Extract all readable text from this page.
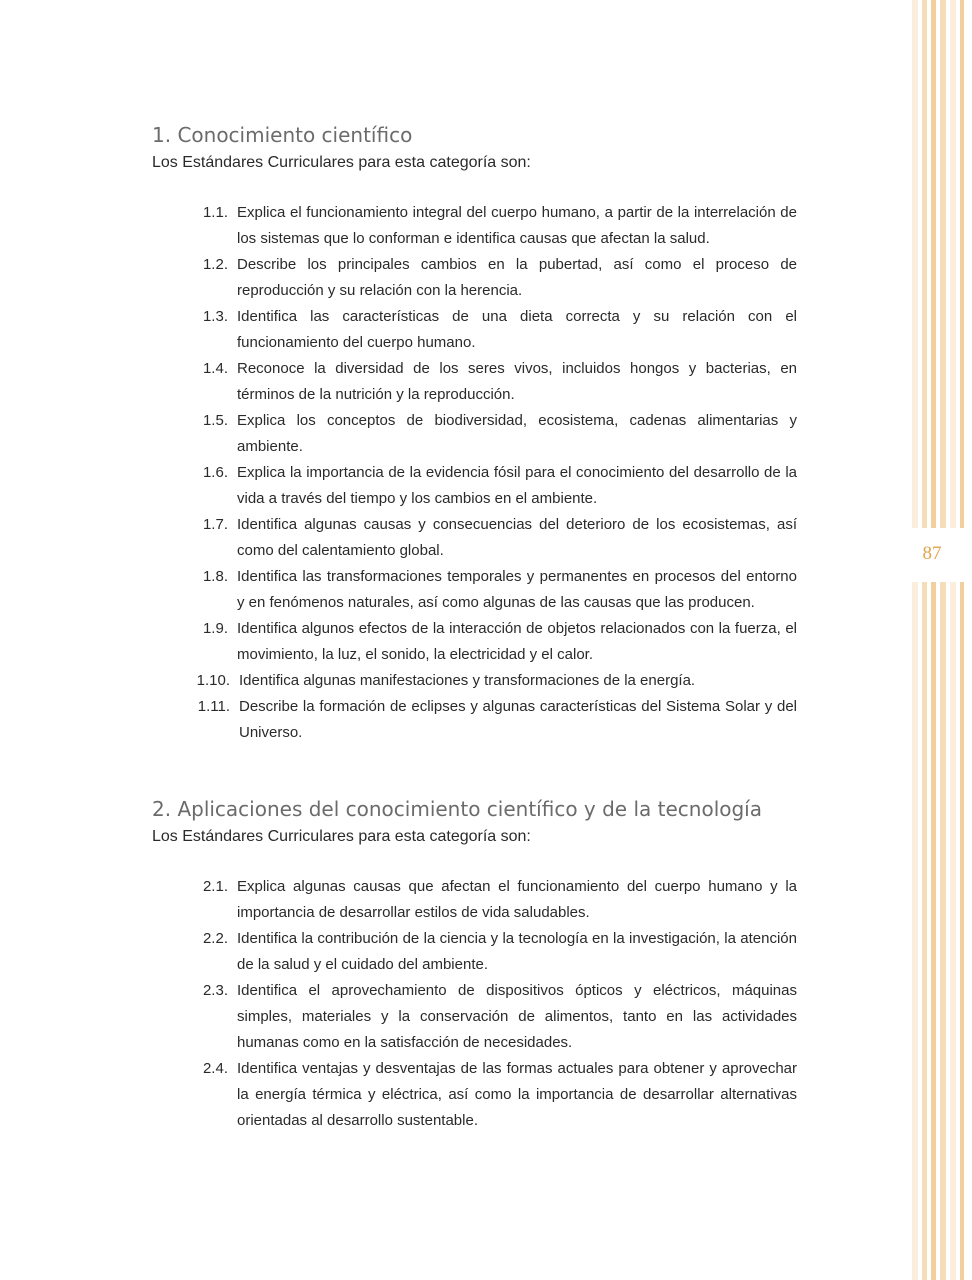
87
1. Conocimiento científico

Los Estándares Curriculares para esta categoría son:

1.1. Explica el funcionamiento integral del cuerpo humano, a partir de la interrelación de los sistemas que lo conforman e identifica causas que afectan la salud.
1.2. Describe los principales cambios en la pubertad, así como el proceso de reproducción y su relación con la herencia.
1.3. Identifica las características de una dieta correcta y su relación con el funcionamiento del cuerpo humano.
1.4. Reconoce la diversidad de los seres vivos, incluidos hongos y bacterias, en términos de la nutrición y la reproducción.
1.5. Explica los conceptos de biodiversidad, ecosistema, cadenas alimentarias y ambiente.
1.6. Explica la importancia de la evidencia fósil para el conocimiento del desarrollo de la vida a través del tiempo y los cambios en el ambiente.
1.7. Identifica algunas causas y consecuencias del deterioro de los ecosistemas, así como del calentamiento global.
1.8. Identifica las transformaciones temporales y permanentes en procesos del entorno y en fenómenos naturales, así como algunas de las causas que las producen.
1.9. Identifica algunos efectos de la interacción de objetos relacionados con la fuerza, el movimiento, la luz, el sonido, la electricidad y el calor.
1.10. Identifica algunas manifestaciones y transformaciones de la energía.
1.11. Describe la formación de eclipses y algunas características del Sistema Solar y del Universo.
2. Aplicaciones del conocimiento científico y de la tecnología

Los Estándares Curriculares para esta categoría son:

2.1. Explica algunas causas que afectan el funcionamiento del cuerpo humano y la importancia de desarrollar estilos de vida saludables.
2.2. Identifica la contribución de la ciencia y la tecnología en la investigación, la atención de la salud y el cuidado del ambiente.
2.3. Identifica el aprovechamiento de dispositivos ópticos y eléctricos, máquinas simples, materiales y la conservación de alimentos, tanto en las actividades humanas como en la satisfacción de necesidades.
2.4. Identifica ventajas y desventajas de las formas actuales para obtener y aprovechar la energía térmica y eléctrica, así como la importancia de desarrollar alternativas orientadas al desarrollo sustentable.
